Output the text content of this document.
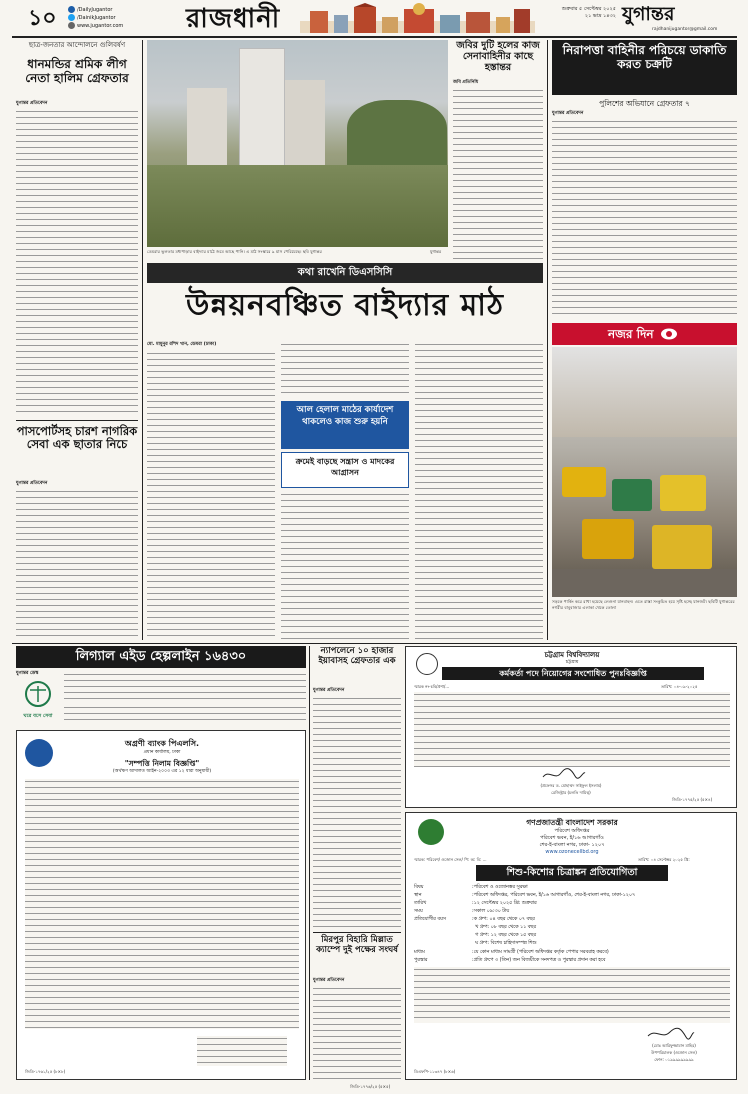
১০	/DailyJugantor
/DainikJugantor
www.jugantor.com রাজধানী	শুক্রবার ৫ সেপ্টেম্বর ২০২৫
২১ ভাদ্র ১৪৩২ যুগান্তর
rajdhanijugantor@gmail.com
ছাত্র-জনতার আন্দোলনে গুলিবর্ষণ
ধানমন্ডির শ্রমিক লীগ নেতা হালিম গ্রেফতার
যুগান্তর প্রতিবেদন
পাসপোর্টসহ চারশ নাগরিক সেবা এক ছাতার নিচে
যুগান্তর প্রতিবেদন
ডেমরার ভুলতার মধ্যপাড়ার বাইদ্যার মাঠে জমে আছে পানি। এ মাঠ সংস্কারে ৯ মাস পেরিয়েছে। ছবি যুগান্তর	যুগান্তর
জবির দুটি হলের কাজ সেনাবাহিনীর কাছে হস্তান্তর
জবি প্রতিনিধি
কথা রাখেনি ডিএসসিসি
উন্নয়নবঞ্চিত বাইদ্যার মাঠ
মো. মামুনুর রশিদ খান, ডেমরা (ঢাকা)
আল হেলাল মাঠের কার্যাদেশ থাকলেও কাজ শুরু হয়নি
ক্রমেই বাড়ছে সন্ত্রাস ও মাদকের আগ্রাসন
নিরাপত্তা বাহিনীর পরিচয়ে ডাকাতি করত চক্রটি
পুলিশের অভিযানে গ্রেফতার ৭
যুগান্তর প্রতিবেদন
নজর দিন
সড়কে পার্কিং করে রাখা হয়েছে লেগুনা যানবাহন। এতে রাস্তা সংকুচিত হয়ে সৃষ্টি হচ্ছে যানজট। ছবিটি যুগান্তরের নগরীর বাবুবাজার এলাকা থেকে তোলা
লিগ্যাল এইড হেল্পলাইন ১৬৪৩০
যুগান্তর ডেস্ক
ঘরে বসে সেবা
অগ্রণী ব্যাংক পিএলসি.
প্রধান কার্যালয়, ঢাকা
"সম্পত্তি নিলাম বিজ্ঞপ্তি"
(অর্থঋণ আদালত আইন-২০০৩ এর ১২ ধারা অনুযায়ী)
জিডি-১৭৬১/২৫ (৮×৮)
ন্যাপলেনে ১০ হাজার ইয়াবাসহ গ্রেফতার এক
যুগান্তর প্রতিবেদন
মিরপুর বিহারি মিল্লাত ক্যাম্পে দুই পক্ষের সংঘর্ষ
যুগান্তর প্রতিবেদন
চট্টগ্রাম বিশ্ববিদ্যালয়
চট্টগ্রাম
কর্মকর্তা পদে নিয়োগের সংশোধিত পুনঃবিজ্ঞপ্তি
স্মারক নং-চবি/প্রশা/...	তারিখ: ০৪-০৯-২০২৫
(প্রফেসর ড. মোহাম্মদ সাইফুল ইসলাম)
রেজিস্ট্রার (চলতি দায়িত্ব)
জিডি-১৭৭৫/২৫ (৫×৪)
গণপ্রজাতন্ত্রী বাংলাদেশ সরকার
পরিবেশ অধিদপ্তর
পরিবেশ ভবন, ই/১৬ আগারগাঁও
শের-ই-বাংলা নগর, ঢাকা- ১২০৭
www.ozonecellbd.org
স্মারক: পরিবেশ/ ওজোন সেল/ পি: অ: বি: ...	তারিখ: ০৪ সেপ্টেম্বর ২০২৫ খ্রি:
শিশু-কিশোর চিত্রাঙ্কন প্রতিযোগিতা
বিষয়	: পরিবেশ ও ওজোনস্তর সুরক্ষা
স্থান	: পরিবেশ অধিদপ্তর, পরিবেশ ভবন, ই/১৬ আগারগাঁও, শের-ই-বাংলা নগর, ঢাকা-১২০৭
তারিখ	: ১২ সেপ্টেম্বর ২০২৫ খ্রি: শুক্রবার
সময়	: সকাল ০৯:৩০ টায়
প্রতিযোগীর বয়স	: ক গ্রুপ: ০৪ বছর থেকে ০৭ বছর

খ গ্রুপ: ০৮ বছর থেকে ১১ বছর

গ গ্রুপ: ১২ বছর থেকে ১৫ বছর

ঘ গ্রুপ: বিশেষ চাহিদাসম্পন্ন শিশু
মাধ্যম	: যে কোন মাধ্যম সামগ্রী (পরিবেশ অধিদপ্তর কর্তৃক পেপার সরবরাহ করবে)
পুরস্কার	: প্রতি গ্রুপে ৩ (তিন) জন বিজয়ীকে সনদপত্র ও পুরস্কার প্রদান করা হবে
(মোঃ আরিফুজ্জামান মাহির)
উপপরিচালক (ওজোন সেল)
ফোন: ০১৯৯৯৯৯৯৯৯৯
ডিএফপি-১১৩৪৭ (৮×৬)
জিডি-১৭৭৬/২৫ (৫×৫)
